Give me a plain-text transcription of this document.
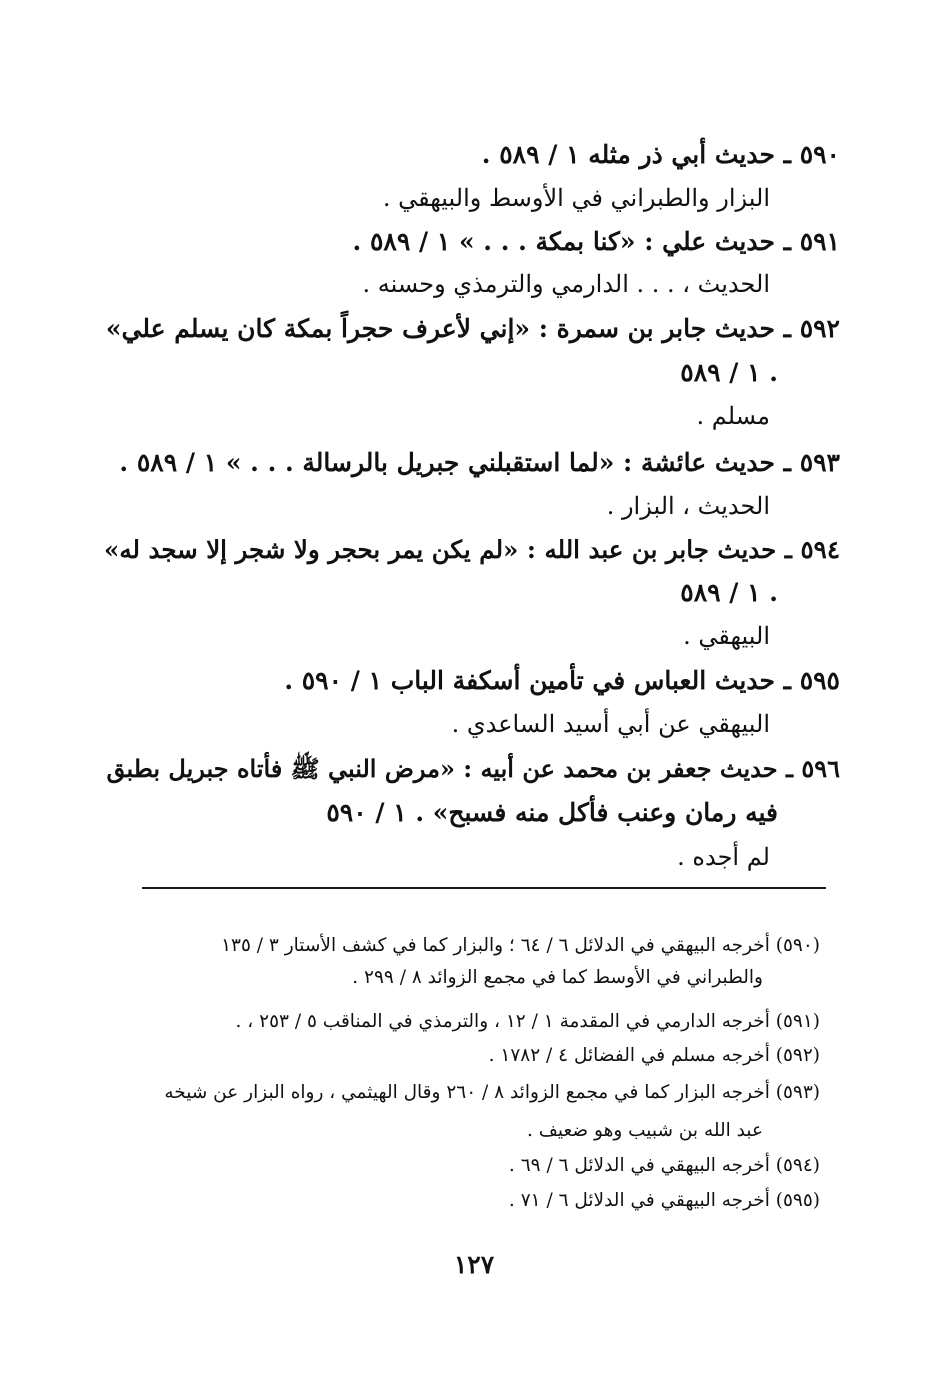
٥٩٠ ـ حديث أبي ذر مثله ١ / ٥٨٩ .
البزار والطبراني في الأوسط والبيهقي .
٥٩١ ـ حديث علي : «كنا بمكة . . . » ١ / ٥٨٩ .
الحديث ، . . . الدارمي والترمذي وحسنه .
٥٩٢ ـ حديث جابر بن سمرة : «إني لأعرف حجراً بمكة كان يسلم علي»
١ / ٥٨٩ .
مسلم .
٥٩٣ ـ حديث عائشة : «لما استقبلني جبريل بالرسالة . . . » ١ / ٥٨٩ .
الحديث ، البزار .
٥٩٤ ـ حديث جابر بن عبد الله : «لم يكن يمر بحجر ولا شجر إلا سجد له»
١ / ٥٨٩ .
البيهقي .
٥٩٥ ـ حديث العباس في تأمين أسكفة الباب ١ / ٥٩٠ .
البيهقي عن أبي أسيد الساعدي .
٥٩٦ ـ حديث جعفر بن محمد عن أبيه : «مرض النبي ﷺ فأتاه جبريل بطبق
فيه رمان وعنب فأكل منه فسبح» . ١ / ٥٩٠
لم أجده .
(٥٩٠) أخرجه البيهقي في الدلائل ٦ / ٦٤ ؛ والبزار كما في كشف الأستار ٣ / ١٣٥
والطبراني في الأوسط كما في مجمع الزوائد ٨ / ٢٩٩ .
(٥٩١) أخرجه الدارمي في المقدمة ١ / ١٢ ، والترمذي في المناقب ٥ / ٢٥٣ ، .
(٥٩٢) أخرجه مسلم في الفضائل ٤ / ١٧٨٢ .
(٥٩٣) أخرجه البزار كما في مجمع الزوائد ٨ / ٢٦٠ وقال الهيثمي ، رواه البزار عن شيخه
عبد الله بن شبيب وهو ضعيف .
(٥٩٤) أخرجه البيهقي في الدلائل ٦ / ٦٩ .
(٥٩٥) أخرجه البيهقي في الدلائل ٦ / ٧١ .
١٢٧
